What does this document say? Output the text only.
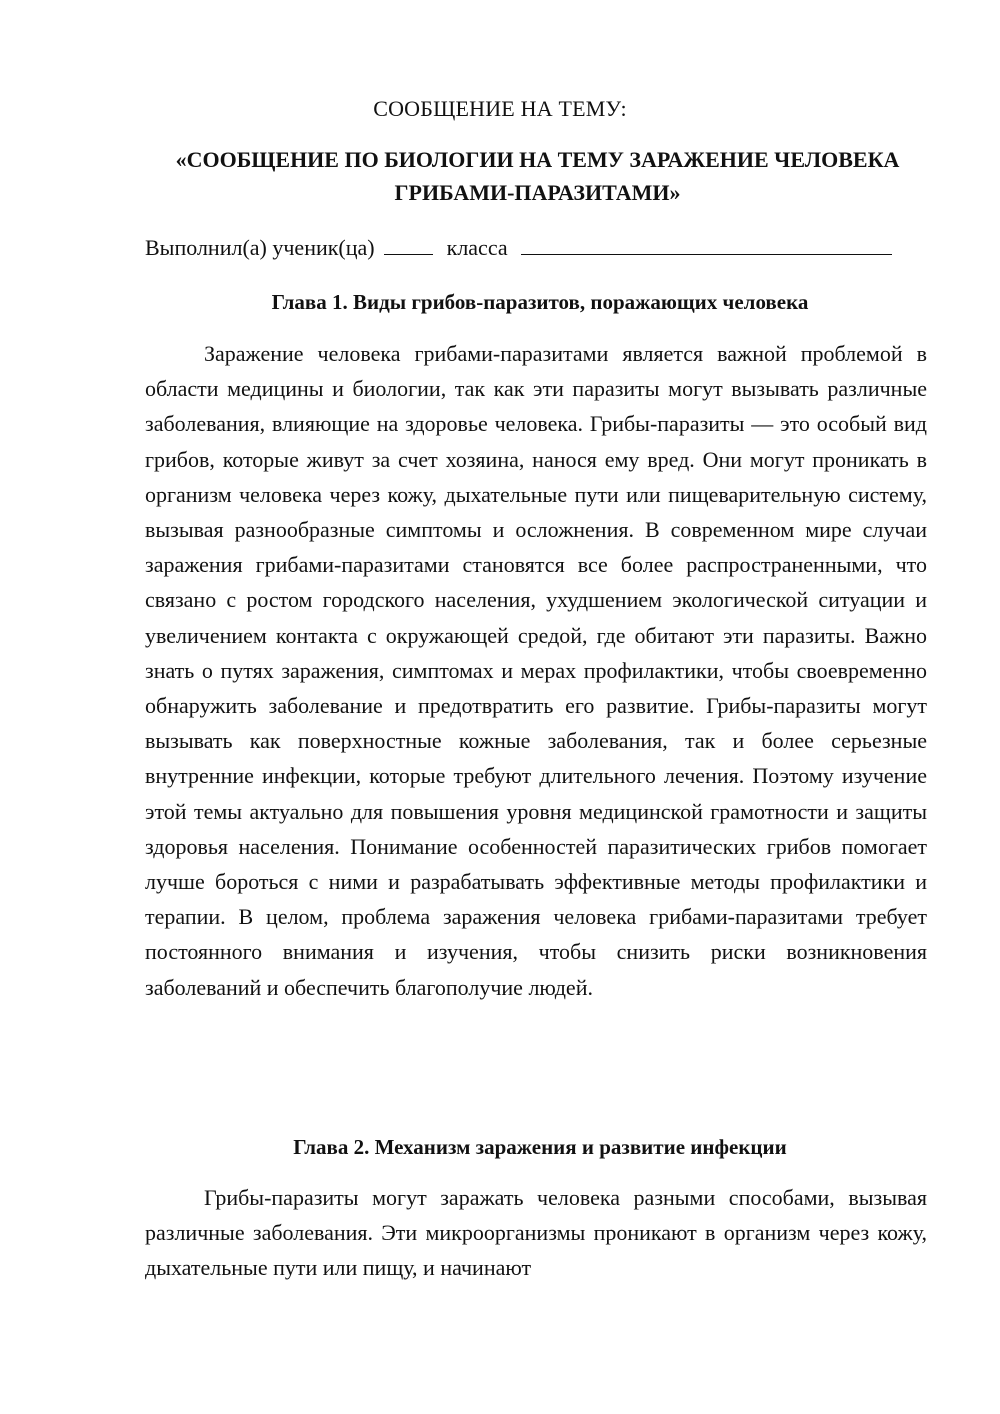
СООБЩЕНИЕ НА ТЕМУ:
«СООБЩЕНИЕ ПО БИОЛОГИИ НА ТЕМУ ЗАРАЖЕНИЕ ЧЕЛОВЕКА ГРИБАМИ-ПАРАЗИТАМИ»
Выполнил(а) ученик(ца)	класса
Глава 1. Виды грибов-паразитов, поражающих человека

Заражение человека грибами-паразитами является важной проблемой в области медицины и биологии, так как эти паразиты могут вызывать различные заболевания, влияющие на здоровье человека. Грибы-паразиты — это особый вид грибов, которые живут за счет хозяина, нанося ему вред. Они могут проникать в организм человека через кожу, дыхательные пути или пищеварительную систему, вызывая разнообразные симптомы и осложнения. В современном мире случаи заражения грибами-паразитами становятся все более распространенными, что связано с ростом городского населения, ухудшением экологической ситуации и увеличением контакта с окружающей средой, где обитают эти паразиты. Важно знать о путях заражения, симптомах и мерах профилактики, чтобы своевременно обнаружить заболевание и предотвратить его развитие. Грибы-паразиты могут вызывать как поверхностные кожные заболевания, так и более серьезные внутренние инфекции, которые требуют длительного лечения. Поэтому изучение этой темы актуально для повышения уровня медицинской грамотности и защиты здоровья населения. Понимание особенностей паразитических грибов помогает лучше бороться с ними и разрабатывать эффективные методы профилактики и терапии. В целом, проблема заражения человека грибами-паразитами требует постоянного внимания и изучения, чтобы снизить риски возникновения заболеваний и обеспечить благополучие людей.

Глава 2. Механизм заражения и развитие инфекции

Грибы-паразиты могут заражать человека разными способами, вызывая различные заболевания. Эти микроорганизмы проникают в организм через кожу, дыхательные пути или пищу, и начинают
